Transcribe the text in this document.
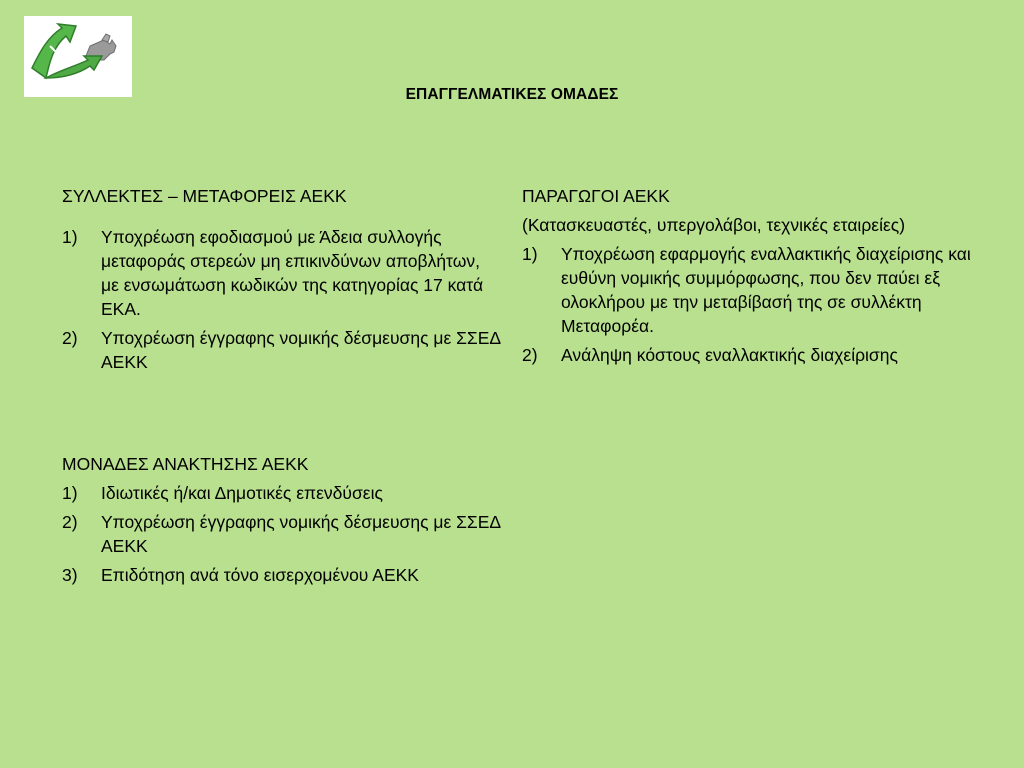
ΕΠΑΓΓΕΛΜΑΤΙΚΕΣ ΟΜΑΔΕΣ

ΣΥΛΛΕΚΤΕΣ – ΜΕΤΑΦΟΡΕΙΣ ΑΕΚΚ

1) Υποχρέωση εφοδιασμού με Άδεια συλλογής μεταφοράς στερεών μη επικινδύνων αποβλήτων, με ενσωμάτωση κωδικών της κατηγορίας 17 κατά ΕΚΑ.
2) Υποχρέωση έγγραφης νομικής δέσμευσης με ΣΣΕΔ ΑΕΚΚ

ΠΑΡΑΓΩΓΟΙ ΑΕΚΚ

(Κατασκευαστές, υπεργολάβοι, τεχνικές εταιρείες)

1) Υποχρέωση εφαρμογής εναλλακτικής διαχείρισης και ευθύνη νομικής συμμόρφωσης, που δεν παύει εξ ολοκλήρου με την μεταβίβασή της σε συλλέκτη Μεταφορέα.
2) Ανάληψη κόστους εναλλακτικής διαχείρισης

ΜΟΝΑΔΕΣ ΑΝΑΚΤΗΣΗΣ ΑΕΚΚ

1) Ιδιωτικές ή/και Δημοτικές επενδύσεις
2) Υποχρέωση έγγραφης νομικής δέσμευσης με ΣΣΕΔ ΑΕΚΚ
3) Επιδότηση ανά τόνο εισερχομένου ΑΕΚΚ
